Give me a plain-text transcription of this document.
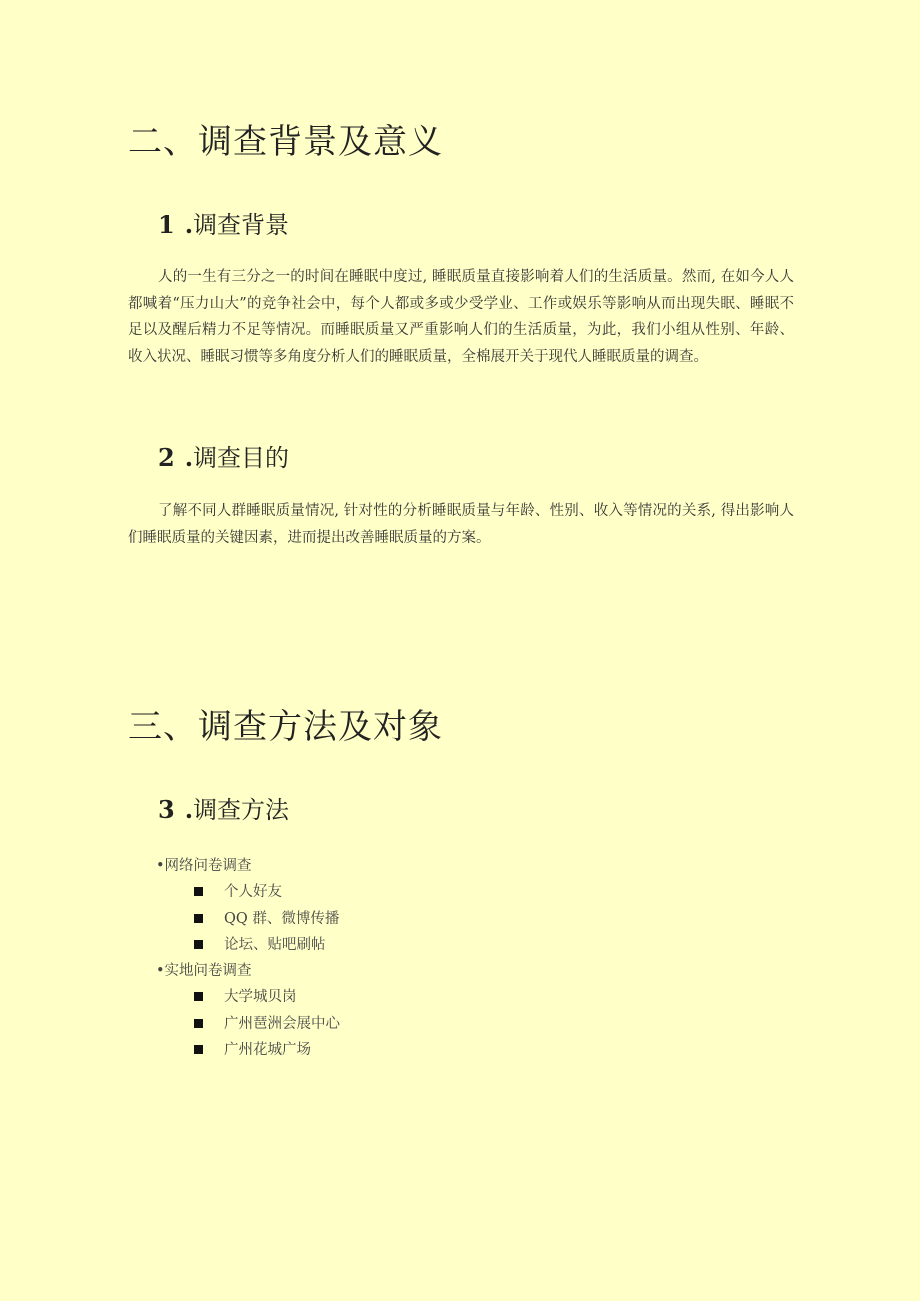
二、调查背景及意义
1 .调查背景
人的一生有三分之一的时间在睡眠中度过, 睡眠质量直接影响着人们的生活质量。然而, 在如今人人都喊着“压力山大”的竞争社会中，每个人都或多或少受学业、工作或娱乐等影响从而出现失眠、睡眠不足以及醒后精力不足等情况。而睡眠质量又严重影响人们的生活质量，为此，我们小组从性别、年龄、收入状况、睡眠习惯等多角度分析人们的睡眠质量，全棉展开关于现代人睡眠质量的调查。
2 .调查目的
了解不同人群睡眠质量情况, 针对性的分析睡眠质量与年龄、性别、收入等情况的关系, 得出影响人们睡眠质量的关键因素，进而提出改善睡眠质量的方案。
三、调查方法及对象
3 .调查方法
•网络问卷调查
个人好友
QQ 群、微博传播
论坛、贴吧刷帖
•实地问卷调查
大学城贝岗
广州琶洲会展中心
广州花城广场
